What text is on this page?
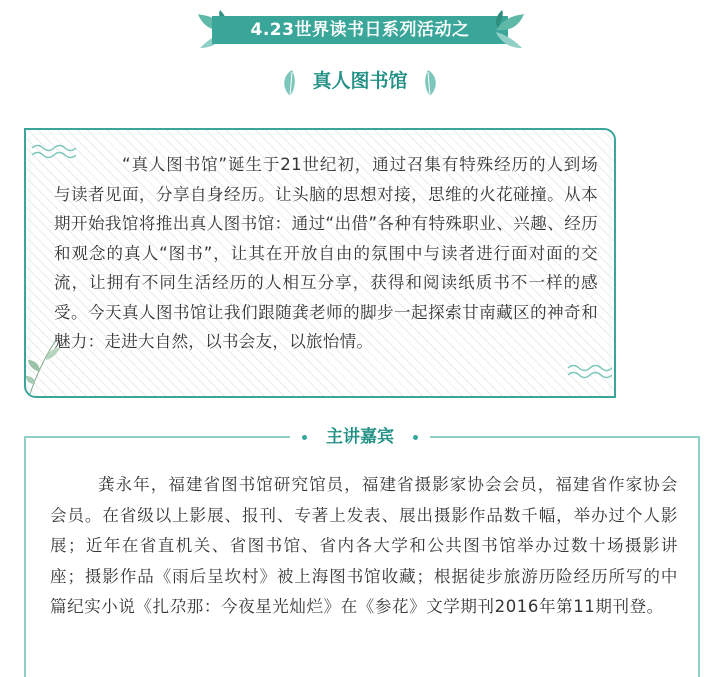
4.23世界读书日系列活动之
真人图书馆
“真人图书馆”诞生于21世纪初，通过召集有特殊经历的人到场与读者见面，分享自身经历。让头脑的思想对接，思维的火花碰撞。从本期开始我馆将推出真人图书馆：通过“出借”各种有特殊职业、兴趣、经历和观念的真人“图书”，让其在开放自由的氛围中与读者进行面对面的交流，让拥有不同生活经历的人相互分享，获得和阅读纸质书不一样的感受。今天真人图书馆让我们跟随龚老师的脚步一起探索甘南藏区的神奇和魅力：走进大自然，以书会友，以旅怡情。
龚永年，福建省图书馆研究馆员，福建省摄影家协会会员，福建省作家协会会员。在省级以上影展、报刊、专著上发表、展出摄影作品数千幅，举办过个人影展；近年在省直机关、省图书馆、省内各大学和公共图书馆举办过数十场摄影讲座；摄影作品《雨后呈坎村》被上海图书馆收藏；根据徒步旅游历险经历所写的中篇纪实小说《扎尕那：今夜星光灿烂》在《参花》文学期刊2016年第11期刊登。
主讲嘉宾
